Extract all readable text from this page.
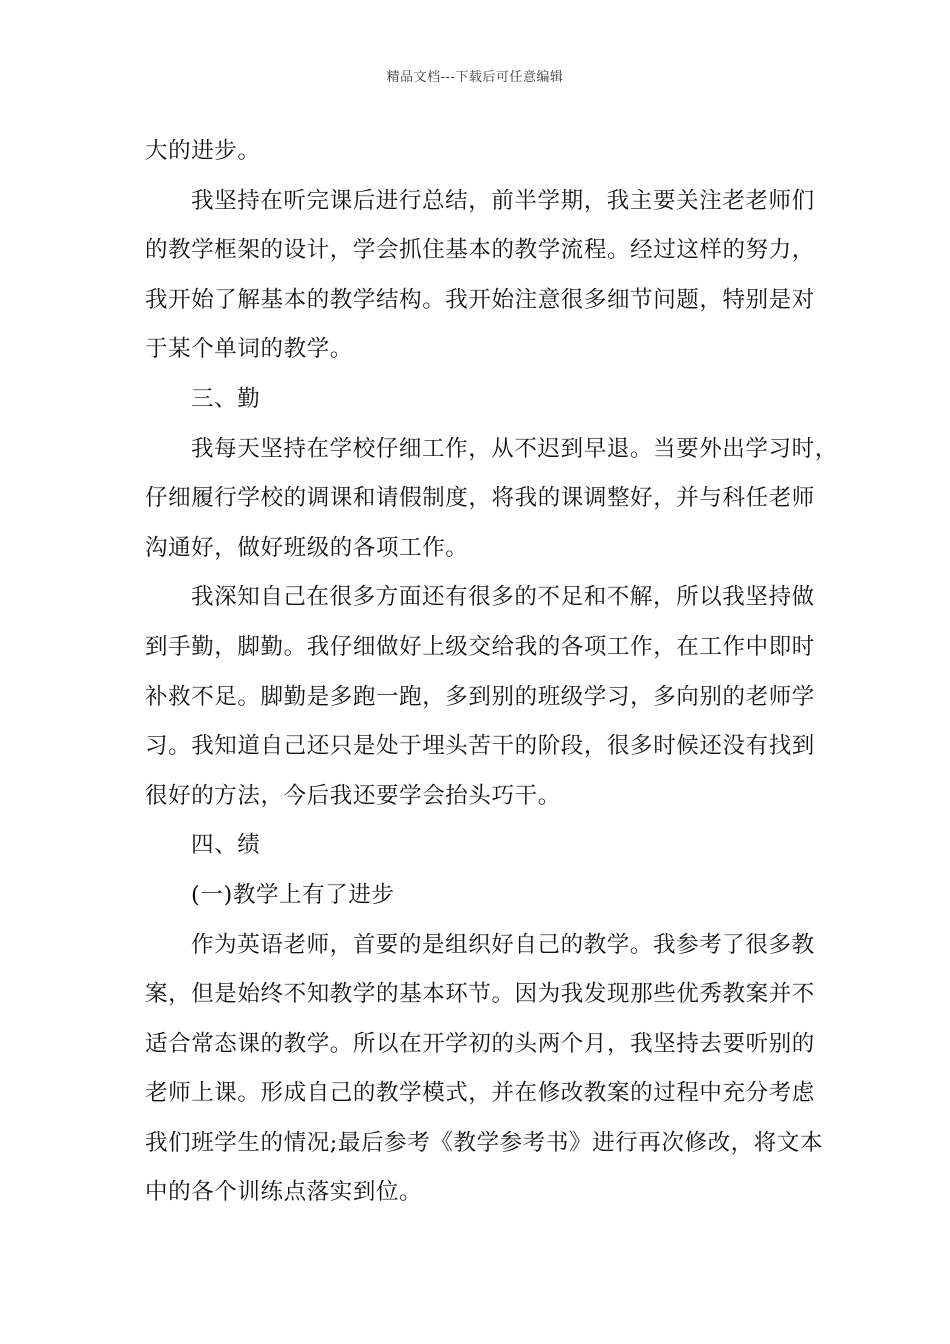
精品文档---下载后可任意编辑
大的进步。
我坚持在听完课后进行总结，前半学期，我主要关注老老师们
的教学框架的设计，学会抓住基本的教学流程。经过这样的努力，
我开始了解基本的教学结构。我开始注意很多细节问题，特别是对
于某个单词的教学。
三、勤
我每天坚持在学校仔细工作，从不迟到早退。当要外出学习时，
仔细履行学校的调课和请假制度，将我的课调整好，并与科任老师
沟通好，做好班级的各项工作。
我深知自己在很多方面还有很多的不足和不解，所以我坚持做
到手勤，脚勤。我仔细做好上级交给我的各项工作，在工作中即时
补救不足。脚勤是多跑一跑，多到别的班级学习，多向别的老师学
习。我知道自己还只是处于埋头苦干的阶段，很多时候还没有找到
很好的方法，今后我还要学会抬头巧干。
四、绩
(一)教学上有了进步
作为英语老师，首要的是组织好自己的教学。我参考了很多教
案，但是始终不知教学的基本环节。因为我发现那些优秀教案并不
适合常态课的教学。所以在开学初的头两个月，我坚持去要听别的
老师上课。形成自己的教学模式，并在修改教案的过程中充分考虑
我们班学生的情况;最后参考《教学参考书》进行再次修改，将文本
中的各个训练点落实到位。
